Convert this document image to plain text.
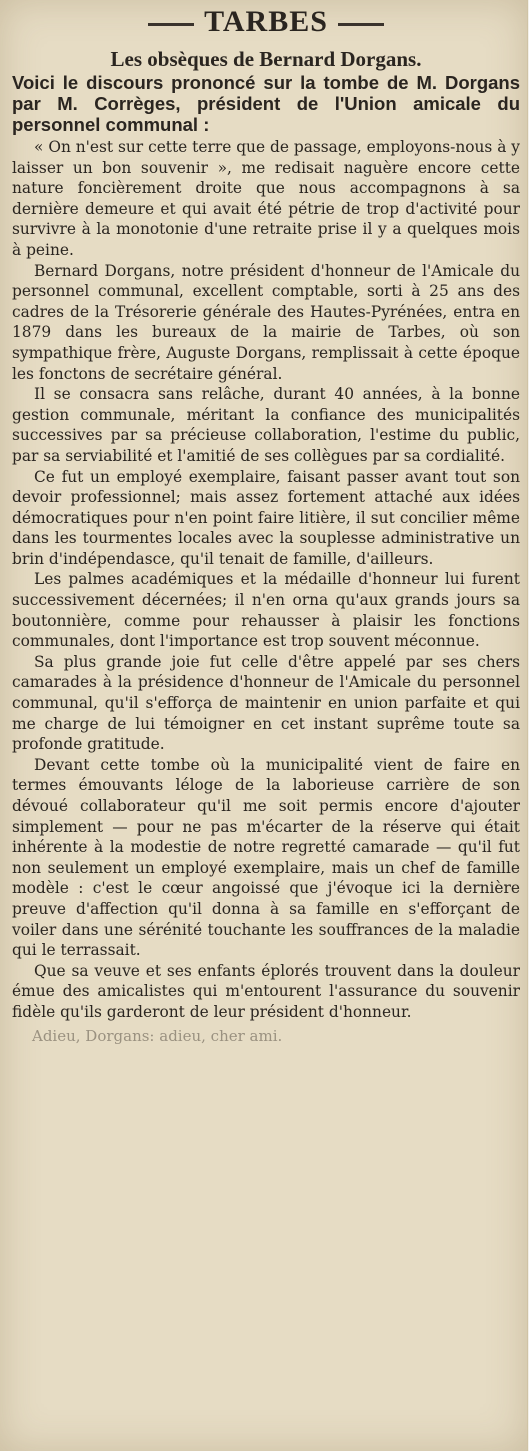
TARBES
Les obsèques de Bernard Dorgans.

Voici le discours prononcé sur la tombe de M. Dorgans par M. Corrèges, président de l'Union amicale du personnel communal :

« On n'est sur cette terre que de passage, employons-nous à y laisser un bon souvenir », me redisait naguère encore cette nature foncièrement droite que nous accompagnons à sa dernière demeure et qui avait été pétrie de trop d'activité pour survivre à la monotonie d'une retraite prise il y a quelques mois à peine.

Bernard Dorgans, notre président d'honneur de l'Amicale du personnel communal, excellent comptable, sorti à 25 ans des cadres de la Trésorerie générale des Hautes-Pyrénées, entra en 1879 dans les bureaux de la mairie de Tarbes, où son sympathique frère, Auguste Dorgans, remplissait à cette époque les fonctons de secrétaire général.

Il se consacra sans relâche, durant 40 années, à la bonne gestion communale, méritant la confiance des municipalités successives par sa précieuse collaboration, l'estime du public, par sa serviabilité et l'amitié de ses collègues par sa cordialité.

Ce fut un employé exemplaire, faisant passer avant tout son devoir professionnel; mais assez fortement attaché aux idées démocratiques pour n'en point faire litière, il sut concilier même dans les tourmentes locales avec la souplesse administrative un brin d'indépendasce, qu'il tenait de famille, d'ailleurs.

Les palmes académiques et la médaille d'honneur lui furent successivement décernées; il n'en orna qu'aux grands jours sa boutonnière, comme pour rehausser à plaisir les fonctions communales, dont l'importance est trop souvent méconnue.

Sa plus grande joie fut celle d'être appelé par ses chers camarades à la présidence d'honneur de l'Amicale du personnel communal, qu'il s'efforça de maintenir en union parfaite et qui me charge de lui témoigner en cet instant suprême toute sa profonde gratitude.

Devant cette tombe où la municipalité vient de faire en termes émouvants léloge de la laborieuse carrière de son dévoué collaborateur qu'il me soit permis encore d'ajouter simplement — pour ne pas m'écarter de la réserve qui était inhérente à la modestie de notre regretté camarade — qu'il fut non seulement un employé exemplaire, mais un chef de famille modèle : c'est le cœur angoissé que j'évoque ici la dernière preuve d'affection qu'il donna à sa famille en s'efforçant de voiler dans une sérénité touchante les souffrances de la maladie qui le terrassait.

Que sa veuve et ses enfants éplorés trouvent dans la douleur émue des amicalistes qui m'entourent l'assurance du souvenir fidèle qu'ils garderont de leur président d'honneur.

Adieu, Dorgans: adieu, cher ami.
